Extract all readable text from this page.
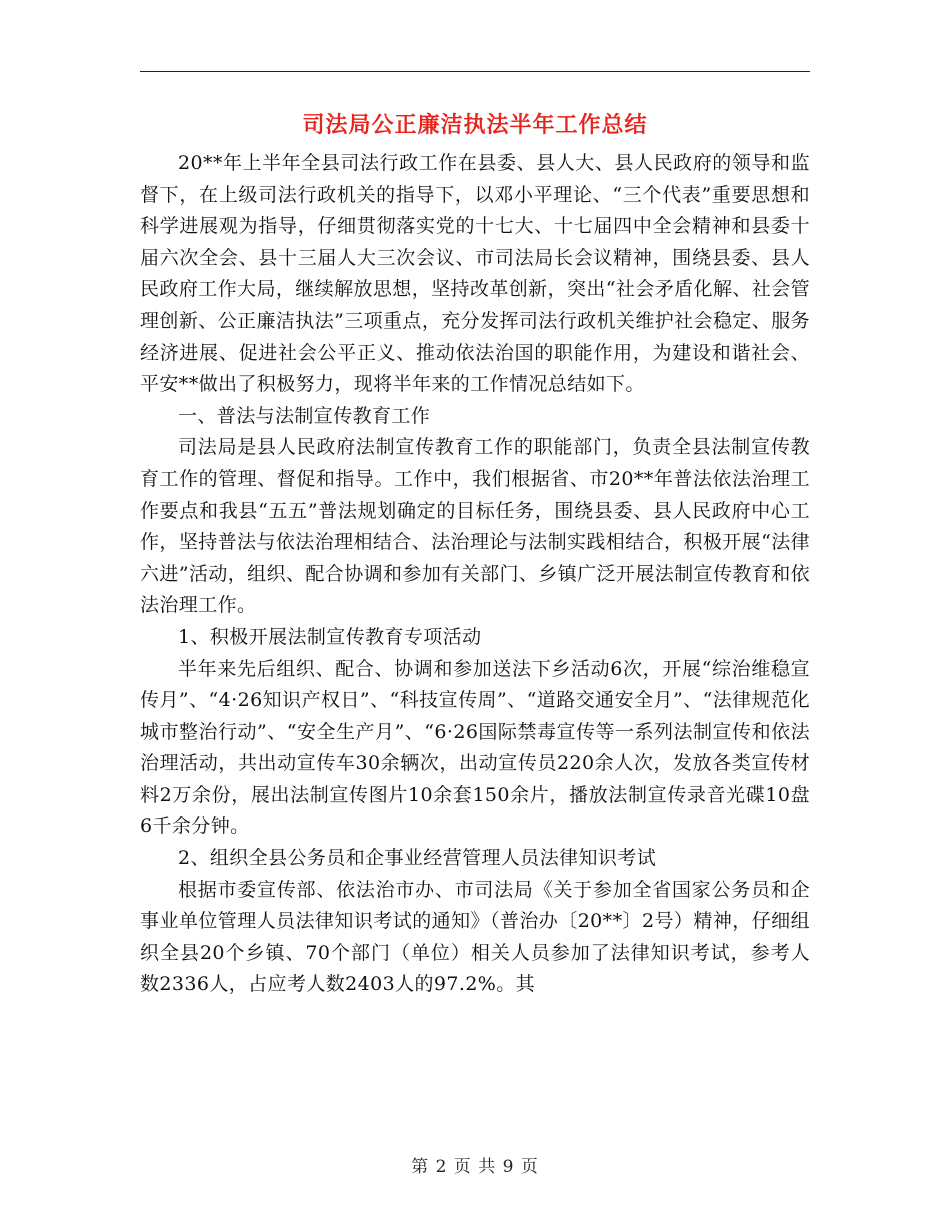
司法局公正廉洁执法半年工作总结

20**年上半年全县司法行政工作在县委、县人大、县人民政府的领导和监督下，在上级司法行政机关的指导下，以邓小平理论、“三个代表”重要思想和科学进展观为指导，仔细贯彻落实党的十七大、十七届四中全会精神和县委十届六次全会、县十三届人大三次会议、市司法局长会议精神，围绕县委、县人民政府工作大局，继续解放思想，坚持改革创新，突出“社会矛盾化解、社会管理创新、公正廉洁执法”三项重点，充分发挥司法行政机关维护社会稳定、服务经济进展、促进社会公平正义、推动依法治国的职能作用，为建设和谐社会、平安**做出了积极努力，现将半年来的工作情况总结如下。

一、普法与法制宣传教育工作

司法局是县人民政府法制宣传教育工作的职能部门，负责全县法制宣传教育工作的管理、督促和指导。工作中，我们根据省、市20**年普法依法治理工作要点和我县“五五”普法规划确定的目标任务，围绕县委、县人民政府中心工作，坚持普法与依法治理相结合、法治理论与法制实践相结合，积极开展“法律六进”活动，组织、配合协调和参加有关部门、乡镇广泛开展法制宣传教育和依法治理工作。

1、积极开展法制宣传教育专项活动

半年来先后组织、配合、协调和参加送法下乡活动6次，开展“综治维稳宣传月”、“4·26知识产权日”、“科技宣传周”、“道路交通安全月”、“法律规范化城市整治行动”、“安全生产月”、“6·26国际禁毒宣传等一系列法制宣传和依法治理活动，共出动宣传车30余辆次，出动宣传员220余人次，发放各类宣传材料2万余份，展出法制宣传图片10余套150余片，播放法制宣传录音光碟10盘6千余分钟。

2、组织全县公务员和企事业经营管理人员法律知识考试

根据市委宣传部、依法治市办、市司法局《关于参加全省国家公务员和企事业单位管理人员法律知识考试的通知》（普治办〔20**〕2号）精神，仔细组织全县20个乡镇、70个部门（单位）相关人员参加了法律知识考试，参考人数2336人，占应考人数2403人的97.2%。其

第 2 页 共 9 页
